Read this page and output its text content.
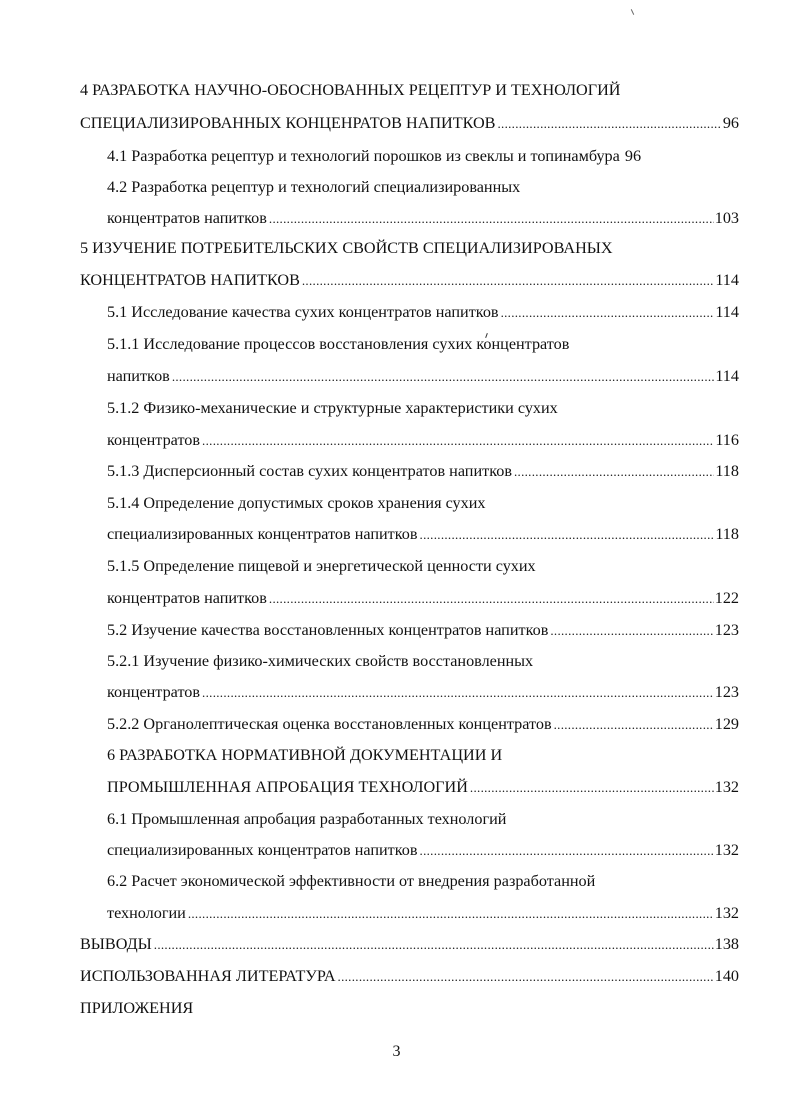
4 РАЗРАБОТКА НАУЧНО-ОБОСНОВАННЫХ РЕЦЕПТУР И ТЕХНОЛОГИЙ
СПЕЦИАЛИЗИРОВАННЫХ КОНЦЕНРАТОВ НАПИТКОВ .....	96
4.1 Разработка рецептур и технологий порошков из свеклы и топинамбура 96
4.2 Разработка рецептур и технологий специализированных
концентратов напитков .....	103
5 ИЗУЧЕНИЕ ПОТРЕБИТЕЛЬСКИХ СВОЙСТВ СПЕЦИАЛИЗИРОВАНЫХ
КОНЦЕНТРАТОВ НАПИТКОВ .....	114
5.1 Исследование качества сухих концентратов напитков .....	114
5.1.1 Исследование процессов восстановления сухих концентратов
напитков .....	114
5.1.2 Физико-механические и структурные характеристики сухих
концентратов .....	116
5.1.3 Дисперсионный состав сухих концентратов напитков .....	118
5.1.4 Определение допустимых сроков хранения сухих
специализированных концентратов напитков .....	118
5.1.5 Определение пищевой и энергетической ценности сухих
концентратов напитков .....	122
5.2 Изучение качества восстановленных концентратов напитков .....	123
5.2.1 Изучение физико-химических свойств восстановленных
концентратов .....	123
5.2.2 Органолептическая оценка восстановленных концентратов .....	129
6 РАЗРАБОТКА НОРМАТИВНОЙ ДОКУМЕНТАЦИИ И
ПРОМЫШЛЕННАЯ АПРОБАЦИЯ ТЕХНОЛОГИЙ .....	132
6.1 Промышленная апробация разработанных технологий
специализированных концентратов напитков .....	132
6.2 Расчет экономической эффективности от внедрения разработанной
технологии .....	132
ВЫВОДЫ .....	138
ИСПОЛЬЗОВАННАЯ ЛИТЕРАТУРА .....	140
ПРИЛОЖЕНИЯ
3
